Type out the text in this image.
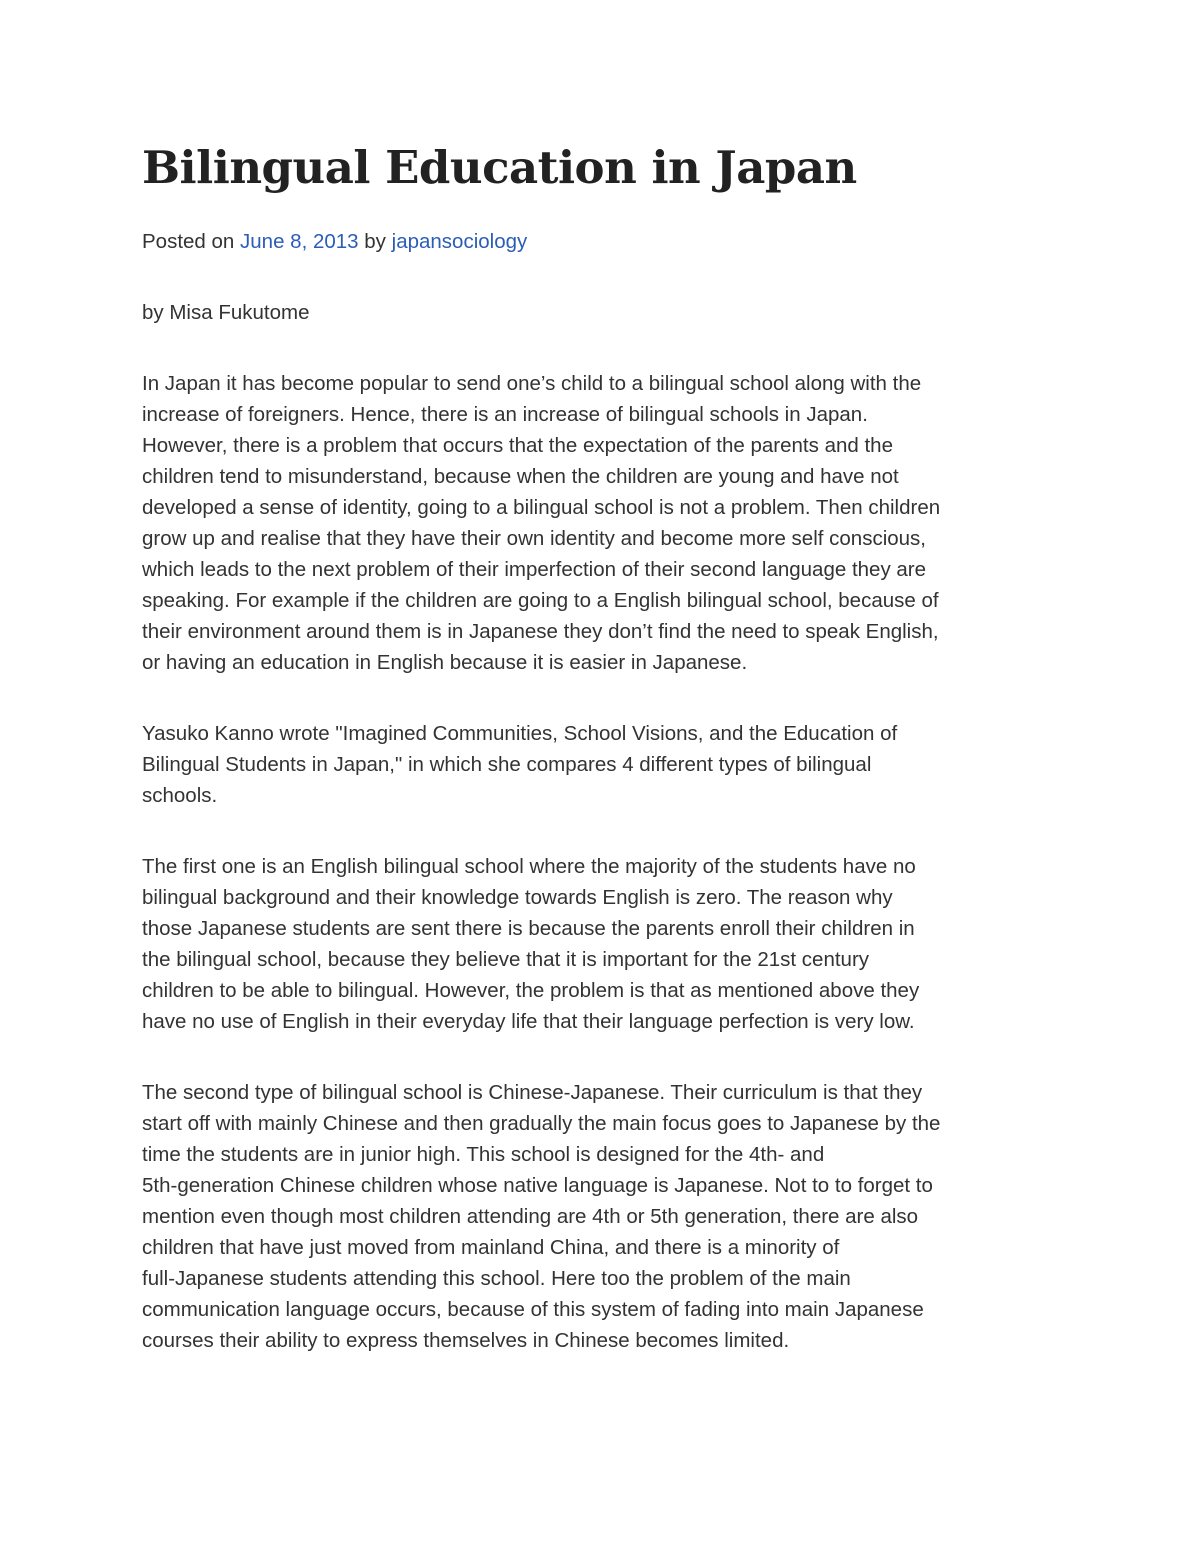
Bilingual Education in Japan

Posted on June 8, 2013 by japansociology

by Misa Fukutome

In Japan it has become popular to send one’s child to a bilingual school along with the
increase of foreigners. Hence, there is an increase of bilingual schools in Japan.
However, there is a problem that occurs that the expectation of the parents and the
children tend to misunderstand, because when the children are young and have not
developed a sense of identity, going to a bilingual school is not a problem. Then children
grow up and realise that they have their own identity and become more self conscious,
which leads to the next problem of their imperfection of their second language they are
speaking. For example if the children are going to a English bilingual school, because of
their environment around them is in Japanese they don’t find the need to speak English,
or having an education in English because it is easier in Japanese.

Yasuko Kanno wrote "Imagined Communities, School Visions, and the Education of
Bilingual Students in Japan," in which she compares 4 different types of bilingual
schools.

The first one is an English bilingual school where the majority of the students have no
bilingual background and their knowledge towards English is zero. The reason why
those Japanese students are sent there is because the parents enroll their children in
the bilingual school, because they believe that it is important for the 21st century
children to be able to bilingual. However, the problem is that as mentioned above they
have no use of English in their everyday life that their language perfection is very low.

The second type of bilingual school is Chinese-Japanese. Their curriculum is that they
start off with mainly Chinese and then gradually the main focus goes to Japanese by the
time the students are in junior high. This school is designed for the 4th- and
5th-generation Chinese children whose native language is Japanese. Not to to forget to
mention even though most children attending are 4th or 5th generation, there are also
children that have just moved from mainland China, and there is a minority of
full-Japanese students attending this school. Here too the problem of the main
communication language occurs, because of this system of fading into main Japanese
courses their ability to express themselves in Chinese becomes limited.
